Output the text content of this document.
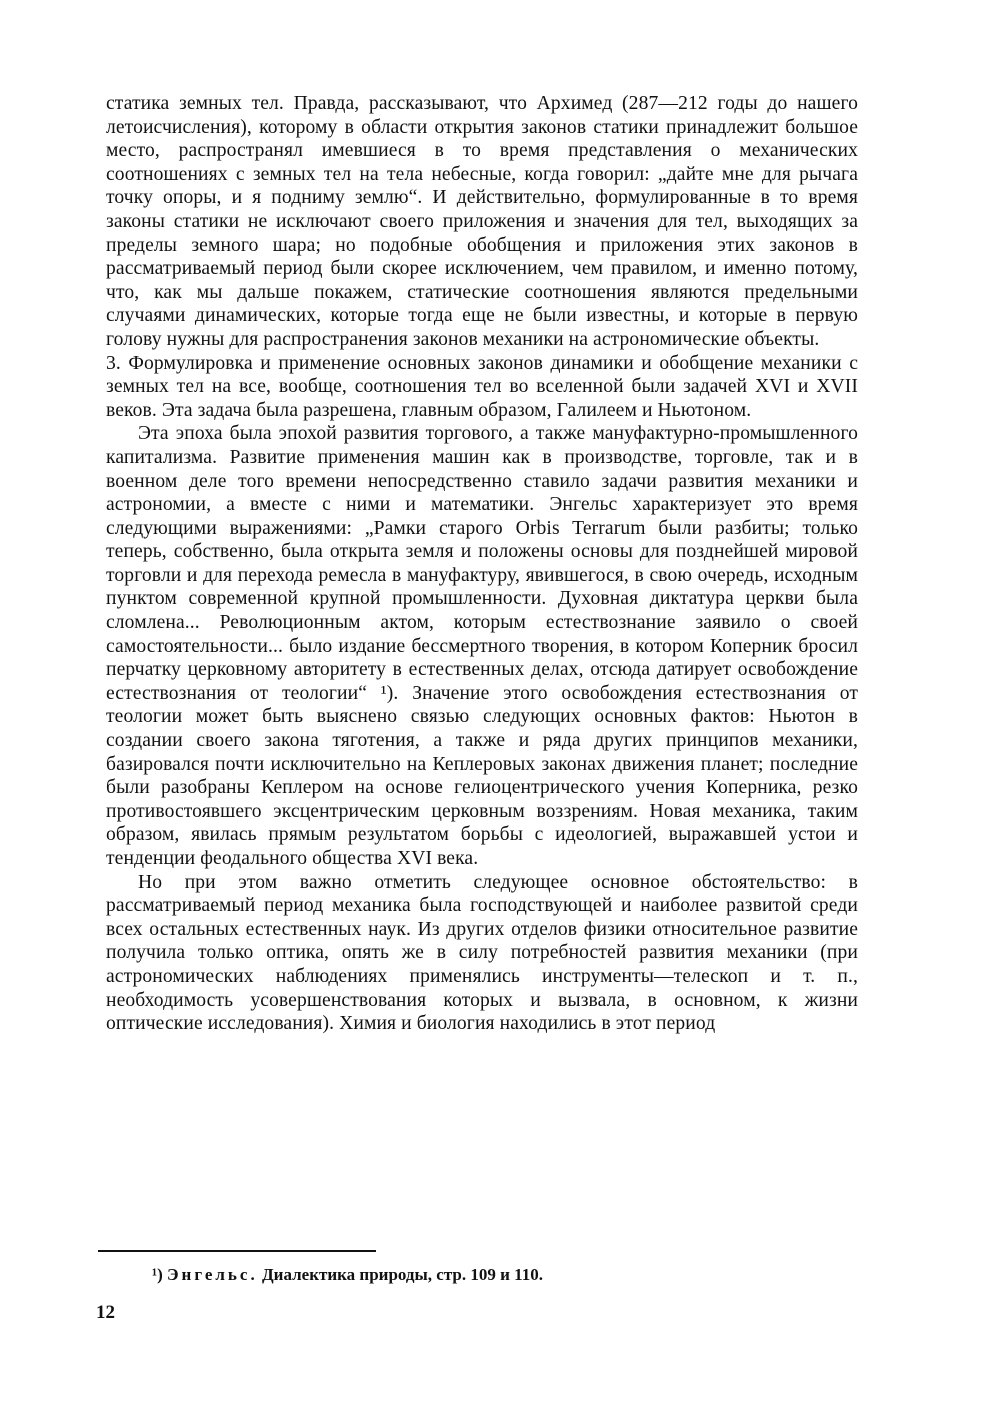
статика земных тел. Правда, рассказывают, что Архимед (287—212 годы до нашего летоисчисления), которому в области открытия законов статики принадлежит большое место, распространял имевшиеся в то время представления о механических соотношениях с земных тел на тела небесные, когда говорил: „дайте мне для рычага точку опоры, и я подниму землю“. И действительно, формулированные в то время законы статики не исключают своего приложения и значения для тел, выходящих за пределы земного шара; но подобные обобщения и приложения этих законов в рассматриваемый период были скорее исключением, чем правилом, и именно потому, что, как мы дальше покажем, статические соотношения являются предельными случаями динамических, которые тогда еще не были известны, и которые в первую голову нужны для распространения законов механики на астрономические объекты.

3. Формулировка и применение основных законов динамики и обобщение механики с земных тел на все, вообще, соотношения тел во вселенной были задачей XVI и XVII веков. Эта задача была разрешена, главным образом, Галилеем и Ньютоном.

Эта эпоха была эпохой развития торгового, а также мануфактурно-промышленного капитализма. Развитие применения машин как в производстве, торговле, так и в военном деле того времени непосредственно ставило задачи развития механики и астрономии, а вместе с ними и математики. Энгельс характеризует это время следующими выражениями: „Рамки старого Orbis Terrarum были разбиты; только теперь, собственно, была открыта земля и положены основы для позднейшей мировой торговли и для перехода ремесла в мануфактуру, явившегося, в свою очередь, исходным пунктом современной крупной промышленности. Духовная диктатура церкви была сломлена... Революционным актом, которым естествознание заявило о своей самостоятельности... было издание бессмертного творения, в котором Коперник бросил перчатку церковному авторитету в естественных делах, отсюда датирует освобождение естествознания от теологии“ ¹). Значение этого освобождения естествознания от теологии может быть выяснено связью следующих основных фактов: Ньютон в создании своего закона тяготения, а также и ряда других принципов механики, базировался почти исключительно на Кеплеровых законах движения планет; последние были разобраны Кеплером на основе гелиоцентрического учения Коперника, резко противостоявшего эксцентрическим церковным воззрениям. Новая механика, таким образом, явилась прямым результатом борьбы с идеологией, выражавшей устои и тенденции феодального общества XVI века.

Но при этом важно отметить следующее основное обстоятельство: в рассматриваемый период механика была господствующей и наиболее развитой среди всех остальных естественных наук. Из других отделов физики относительное развитие получила только оптика, опять же в силу потребностей развития механики (при астрономических наблюдениях применялись инструменты—телескоп и т. п., необходимость усовершенствования которых и вызвала, в основном, к жизни оптические исследования). Химия и биология находились в этот период

¹) Энгельс. Диалектика природы, стр. 109 и 110.
12
